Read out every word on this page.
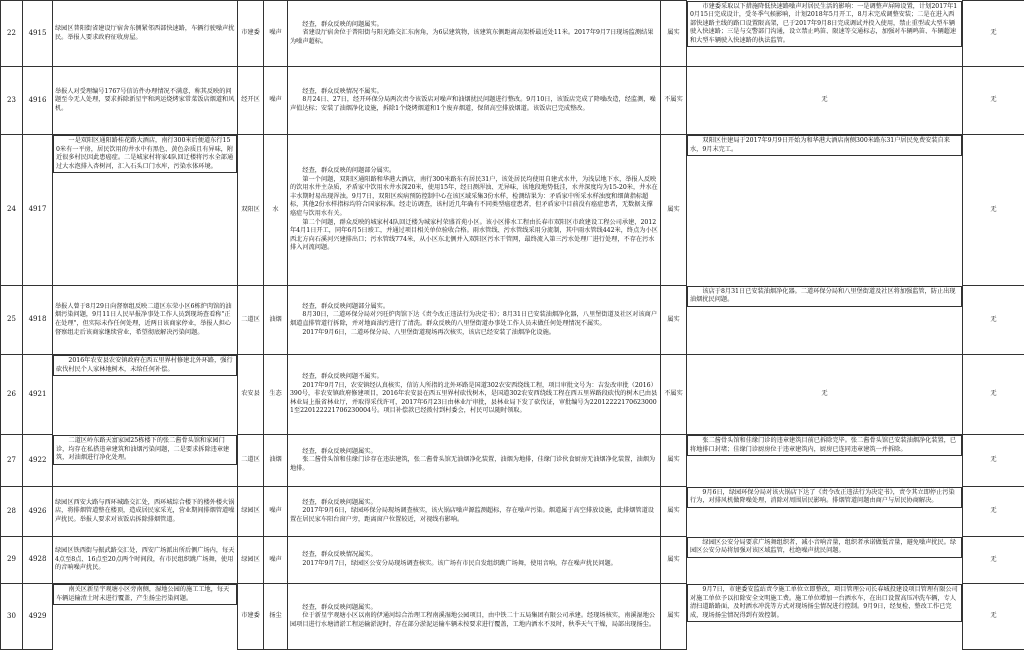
22	4915	绿园区普阳街省建设厅宿舍东侧紧邻西部快速路，车辆行驶噪声扰民。举报人要求政府征收房屋。	市建委	噪声	经查，群众反映的问题属实。
省建设厅宿舍位于普阳街与阳光路交汇东南角，为6层建筑物，该建筑东侧距离高架桥最近处11米。2017年9月7日现场监测结果为噪声超标。	属实	
市建委采取以下措施降低快速路噪声对居民生活的影响：一是调整声屏障设置，计划2017年10月15日完成设计，受冬季气候影响，计划2018年5月开工，8月末完成调整安装；二是在进入西部快速路主线的路口设置限高架，已于2017年9月8日完成调试并投入使用，禁止重型或大型车辆驶入快速路；三是与交警部门沟通，设立禁止鸣笛、限速等交通标志，加强对车辆鸣笛、车辆超速和大型车辆驶入快速路的执法监管。
无
23	4916	举报人对受理编号1767号信访件办理情况不满意，称其反映的问题至今无人处理，要求拆除新星宇和鸿运烧烤家常菜饭店烟道和风机。	经开区	噪声	经查，群众反映情况不属实。
8月24日、27日，经开环保分局两次责令该饭店对噪声和油烟扰民问题进行整改。9月10日，该饭店完成了降噪改造，经监测，噪声值达标；安装了油烟净化设施，拆除1个烧烤烟道和1个废弃烟道，保留高空排放烟道。该饭店已完成整改。	不属实	无	无
24	4917	
一是双阳区通阳路桂花路大酒店，南行300米后便道东行150米有一平房，居民饮用的井水中有黑色、黄色杂质且有异味，附近很多村民因此患癌症。二是城家村将家4队回迁楼将污水全部通过大水泡排入杏树河，汇入石头口门水库，污染水体环境。
双阳区	水	经查，群众反映的问题部分属实。
第一个问题，双阳区通阳路和华港大酒店，南行300米路东有居民31户，该处居民均使用自建式水井，为浅层地下水，举报人反映的饮用水井主杂质，矛盾家中饮用水井水深20米，使用15年，经日测浑浊、无异味，该地段地势低洼，水井深度均为15-20米，井水在丰水期时易出现浑浊。9月7日，双阳区疾病预防控制中心在该区域采集3份水样，检测结果为：矛盾家中所采水样浊度和细菌指标超标，其他2份水样指标均符合国家标准。经走访调查，该村近几年确有不同类型癌症患者，但矛盾家中目前没有癌症患者，无数据支撑癌症与饮用水有关。
第二个问题，群众反映的城家村4队回迁楼为城家村荣盛首苑小区。该小区排水工程由长春市双阳区市政建设工程公司承建，2012年4月1日开工，同年6月5日竣工，并通过项目相关单位验收合格。雨水管线、污水管线采用分流制，其中雨水管线442米，终点为小区西北方向石溪河兴建排出口；污水管线774米，从小区东北侧并入双阳区污水干管网，最终流入第三污水处理厂进行处理，不存在污水排入河流问题。	属实	
双阳区住建局于2017年9月9日开始为和华港大酒店南侧300米路东31户居民免费安装自来水，9月末完工。
无
25	4918	举报人曾于8月29日向督察组反映二道区东荣小区6栋炉肉馆的油烟污染问题，9月11日人民早报净事处工作人员到现场查看称"正在处理"，但实际未作任何处理，近两日该商家停业，举报人担心督察组走后该商家继续营业，希望彻底解决污染问题。	二道区	油烟	经查，群众反映问题部分属实。
8月30日，二道环保分局对兴旺炉肉馆下达《责令改正违法行为决定书》；8月31日已安装油烟净化器，八里堡街道及社区对该商户烟道直排管道行拆除，并对地面油污进行了清洗。群众反映的八里堡街道办事处工作人员未做任何处理情况不属实。
2017年9月6日，二道环保分局、八里堡街道现场再次核实，该店已经安装了油烟净化设施。	属实	
该店于8月31日已安装油烟净化器。二道环保分局和八里堡街道及社区将加强监管，防止出现油烟扰民问题。
无
26	4921	
2016年农安县农安镇政府在西五里界村修建北外环路，强行砍伐村民个人家林地树木，未给任何补偿。
农安县	生态	经查，群众反映问题不属实。
2017年9月7日，农安镇经认真核实，信访人所指的北外环路是国道302农安西绕线工程，项目审批文号为：吉发改审批（2016）390号，非农安镇政府修建项目，2016年农安县在西五里界村砍伐树木，是国道302农安西绕线工程在西五里界路段砍伐的树木已由县林业局上报省林业厅，并取得采伐许可，2017年6月23日由林业厅审批，县林业局下发了砍伐证，审批编号为220122221706230001至220122221706230004号。项目补偿款已经拨付到村委会，村民可以随时领取。	不属实	无	无
27	4922	
二道区岭东路天富家园25栋楼下的张二酱骨头馆和家园门诊，均存在私搭违章建筑和油烟污染问题，二是要求拆除违章建筑，对油烟进行净化处理。	二道区	油烟	经查，群众反映问题属实。
张二酱骨头馆和佳缘门诊存在违法建筑，张二酱骨头馆无油烟净化装置，油烟为地排，佳缘门诊伙食厨房无油烟净化装置，油烟为地排。	属实	
张二酱骨头馆和佳缘门诊的违章建筑目前已拆除完毕。张二酱骨头馆已安装油烟净化装置，已将地排口封堵；佳缘门诊厨房位于违章建筑内，厨房已连同违章建筑一并拆除。
无
28	4926	绿园区西安大路与西环城路交汇处，西环城综合楼下的楼外楼火锅店，将排烟管道整在楼顶，造成居民家采光，营业期间排烟管道噪声扰民。举报人要求对该饭店拆除排烟管道。	绿园区	噪声	经查，群众反映问题属实。
2017年9月6日，绿园环保分局现场调查核实，该火锅店噪声源监测超标，存在噪声污染。烟道属于高空排放设施，此排烟管道设置在居民家车阳台窗户旁，距离窗户位置较近，对视线有影响。	属实	
9月6日，绿园环保分局对该火锅店下达了《责令改正违法行为决定书》，责令其立即停止污染行为，对排风机做降噪处理，消除对周围居民影响。排烟管道问题由商户与居民协商解决。
无
29	4928	绿园区铁西街与振武路交汇处，西安广场派出所后侧广场内，每天4点至8点、16点至20点两个时间段，有市民组织跳广场舞，使用的音响噪声扰民。	绿园区	噪声	经查，群众反映情况属实。
2017年9月7日，绿园区公安分局现场调查核实。该广场有市民自发组织跳广场舞，使用音响，存在噪声扰民问题。	属实	
绿园区公安分局要求广场舞组织者，减小音响音量，组织者承诺做低音量，避免噪声扰民。绿园区公安分局将加强对该区域监管，杜绝噪声扰民问题。
无
30	4929	
南关区新星宇观塘小区旁南侧，湿地公园的施工工地，每天车辆运输渣土时未进行覆盖，产生扬尘污染问题。
市建委	扬尘	经查，群众反映问题属实。
位于新星宇观塘小区以南的伊通河综合治理工程南溪湿地公园项目，由中铁二十五局集团有限公司承建。经现场核实，南溪湿地公园项目进行水塘清淤工程运输淤泥时，存在部分淤泥运输车辆未按要求进行覆盖，工地内洒水不及时，秋季天气干燥，局部出现扬尘。	属实	
9月7日，市建委安监站责令施工单位立即整改，项目管理公司长春城投建设项目管理有限公司对施工单位予以扣除安全文明施工费。施工单位增加一台洒水车，在出口设置高压冲洗车辆，专人清扫道路路面，及时洒水冲洗等方式对现场扬尘情况进行控制。9月9日，经复检，整改工作已完成，现场扬尘情况得到有效控制。	无
